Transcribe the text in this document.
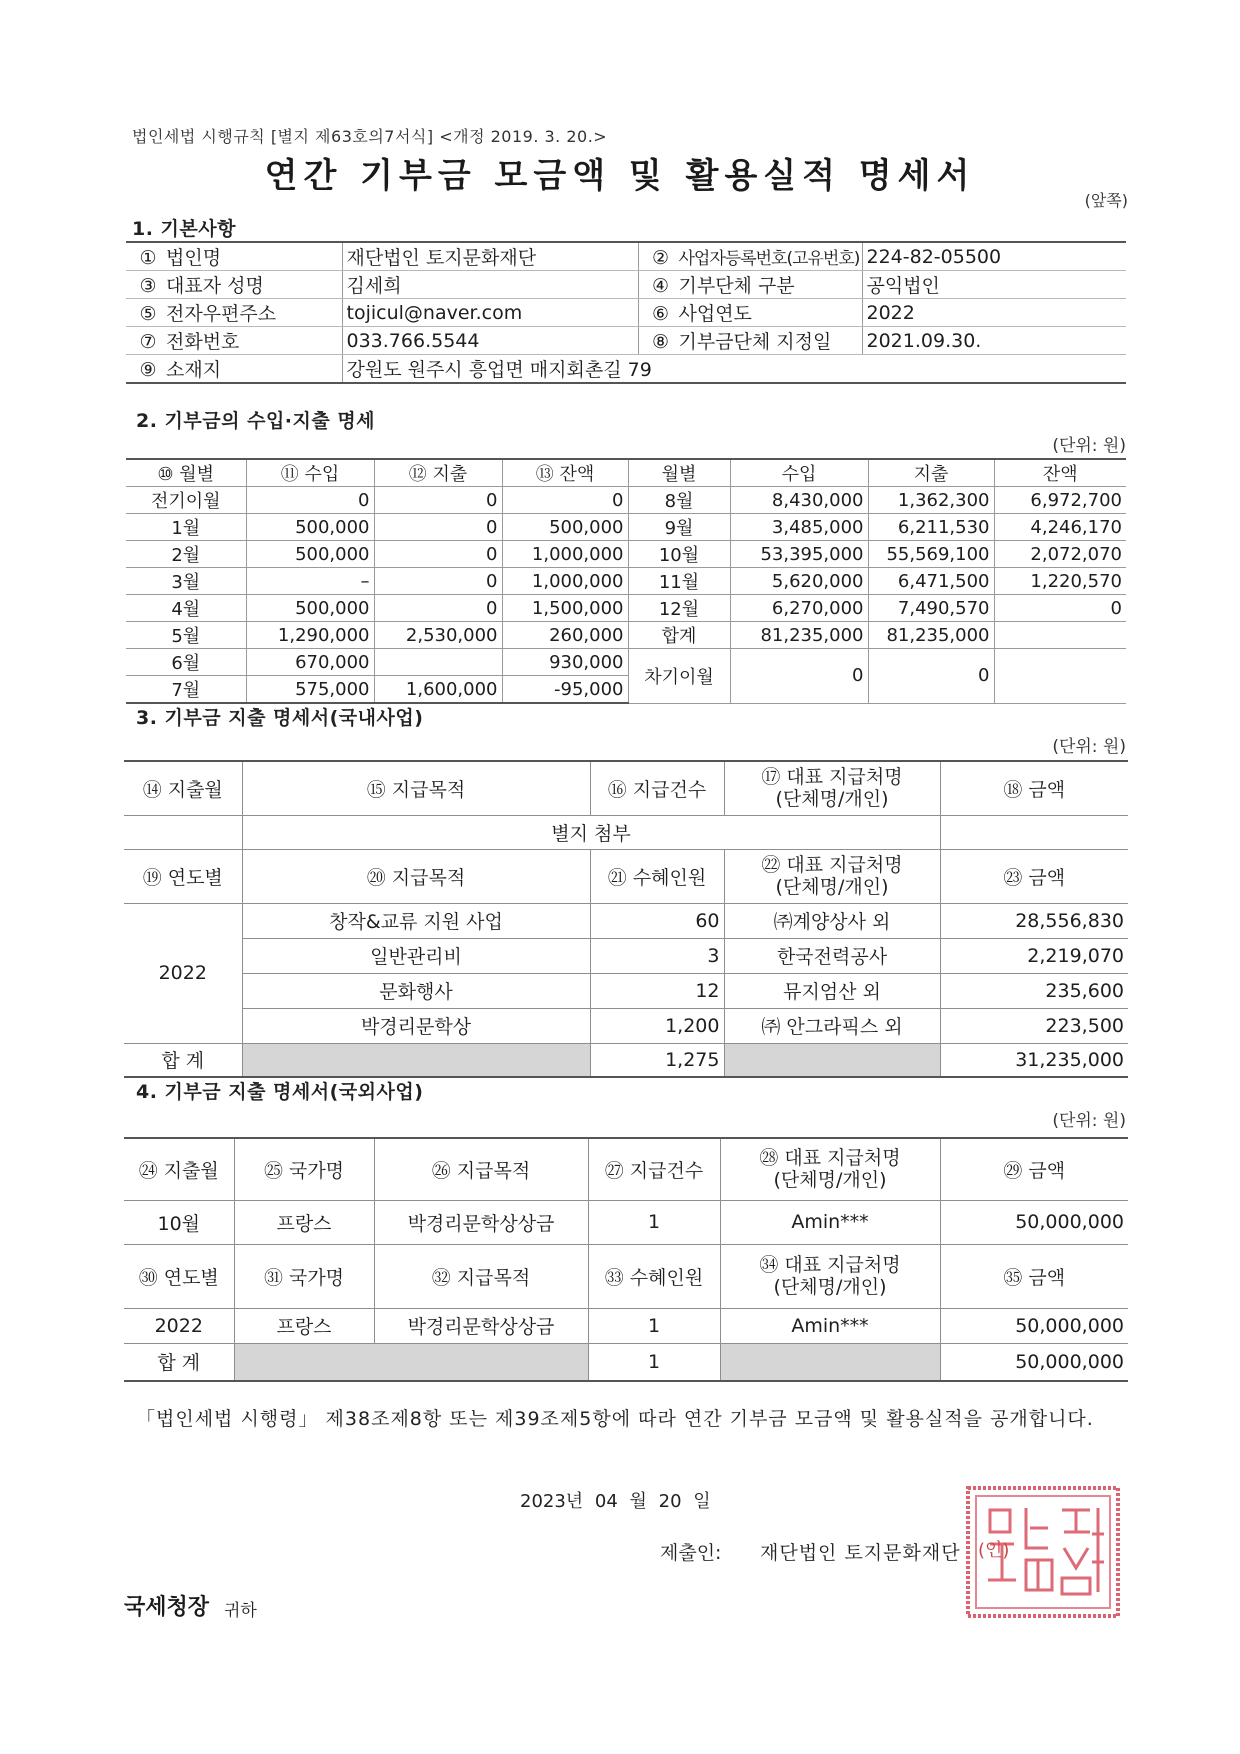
법인세법 시행규칙 [별지 제63호의7서식] <개정 2019. 3. 20.>
연간 기부금 모금액 및 활용실적 명세서
(앞쪽)
1. 기본사항
① 법인명	재단법인 토지문화재단	② 사업자등록번호(고유번호)	224-82-05500
③ 대표자 성명	김세희	④ 기부단체 구분	공익법인
⑤ 전자우편주소	tojicul@naver.com	⑥ 사업연도	2022
⑦ 전화번호	033.766.5544	⑧ 기부금단체 지정일	2021.09.30.
⑨ 소재지	강원도 원주시 흥업면 매지회촌길 79		
2. 기부금의 수입·지출 명세
(단위: 원)
⑩ 월별	⑪ 수입	⑫ 지출	⑬ 잔액	월별	수입	지출	잔액
전기이월	0	0	0	8월	8,430,000	1,362,300	6,972,700
1월	500,000	0	500,000	9월	3,485,000	6,211,530	4,246,170
2월	500,000	0	1,000,000	10월	53,395,000	55,569,100	2,072,070
3월	–	0	1,000,000	11월	5,620,000	6,471,500	1,220,570
4월	500,000	0	1,500,000	12월	6,270,000	7,490,570	0
5월	1,290,000	2,530,000	260,000	합계	81,235,000	81,235,000	
6월	670,000		930,000	차기이월	0	0	
7월	575,000	1,600,000	-95,000				
3. 기부금 지출 명세서(국내사업)
(단위: 원)
⑭ 지출월	⑮ 지급목적	⑯ 지급건수	⑰ 대표 지급처명
(단체명/개인)	⑱ 금액
	별지 첨부			
⑲ 연도별	⑳ 지급목적	㉑ 수혜인원	㉒ 대표 지급처명
(단체명/개인)	㉓ 금액
2022	창작&교류 지원 사업	60	㈜계양상사 외	28,556,830
	일반관리비	3	한국전력공사	2,219,070
	문화행사	12	뮤지엄산 외	235,600
	박경리문학상	1,200	㈜ 안그라픽스 외	223,500
합 계		1,275		31,235,000
4. 기부금 지출 명세서(국외사업)
(단위: 원)
㉔ 지출월	㉕ 국가명	㉖ 지급목적	㉗ 지급건수	㉘ 대표 지급처명
(단체명/개인)	㉙ 금액
10월	프랑스	박경리문학상상금	1	Amin***	50,000,000
㉚ 연도별	㉛ 국가명	㉜ 지급목적	㉝ 수혜인원	㉞ 대표 지급처명
(단체명/개인)	㉟ 금액
2022	프랑스	박경리문학상상금	1	Amin***	50,000,000
합 계			1		50,000,000
「법인세법 시행령」 제38조제8항 또는 제39조제5항에 따라 연간 기부금 모금액 및 활용실적을 공개합니다.
2023년 04 월 20 일
제출인: 재단법인 토지문화재단 (인)
국세청장 귀하
